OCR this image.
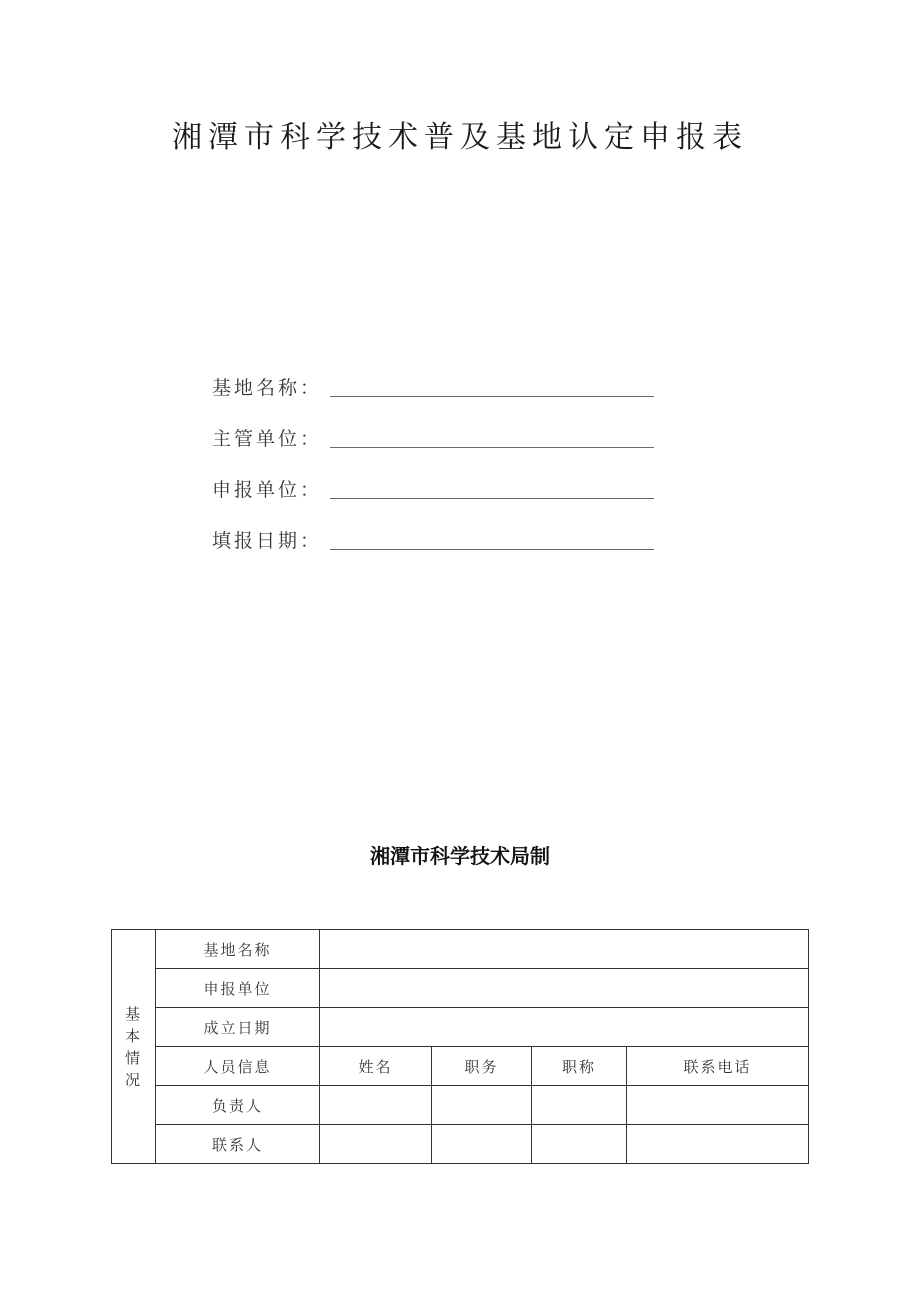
湘潭市科学技术普及基地认定申报表
基地名称：
主管单位：
申报单位：
填报日期：
湘潭市科学技术局制
基本情况	基地名称				
	申报单位				
	成立日期				
	人员信息	姓名	职务	职称	联系电话
	负责人				
	联系人				
